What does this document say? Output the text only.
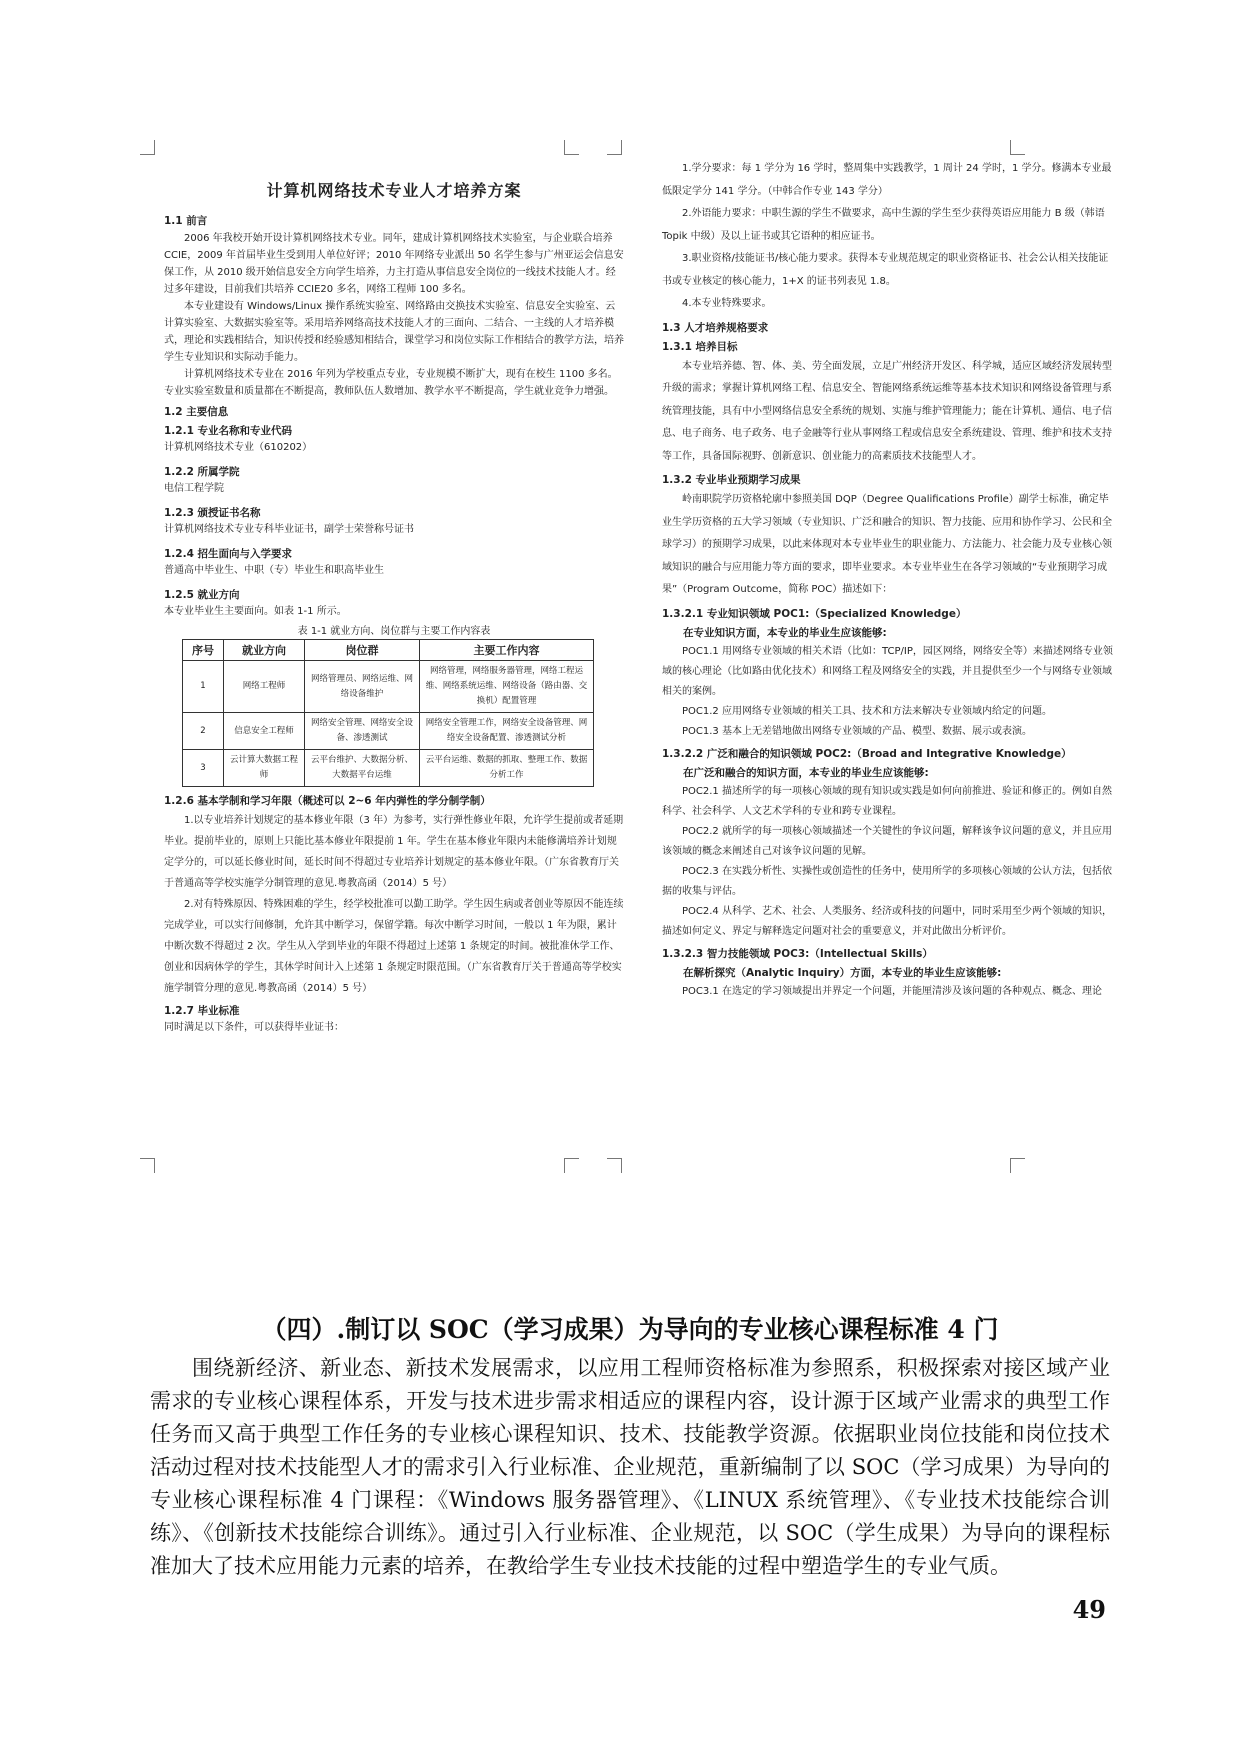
计算机网络技术专业人才培养方案
1.1 前言

2006 年我校开始开设计算机网络技术专业。同年，建成计算机网络技术实验室，与企业联合培养CCIE，2009 年首届毕业生受到用人单位好评；2010 年网络专业派出 50 名学生参与广州亚运会信息安保工作，从 2010 级开始信息安全方向学生培养，力主打造从事信息安全岗位的一线技术技能人才。经过多年建设，目前我们共培养 CCIE20 多名，网络工程师 100 多名。

本专业建设有 Windows/Linux 操作系统实验室、网络路由交换技术实验室、信息安全实验室、云计算实验室、大数据实验室等。采用培养网络高技术技能人才的三面向、二结合、一主线的人才培养模式，理论和实践相结合，知识传授和经验感知相结合，课堂学习和岗位实际工作相结合的教学方法，培养学生专业知识和实际动手能力。

计算机网络技术专业在 2016 年列为学校重点专业，专业规模不断扩大，现有在校生 1100 多名。专业实验室数量和质量都在不断提高，教师队伍人数增加、教学水平不断提高，学生就业竞争力增强。

1.2 主要信息
1.2.1 专业名称和专业代码

计算机网络技术专业（610202）

1.2.2 所属学院

电信工程学院

1.2.3 颁授证书名称

计算机网络技术专业专科毕业证书，副学士荣誉称号证书

1.2.4 招生面向与入学要求

普通高中毕业生、中职（专）毕业生和职高毕业生

1.2.5 就业方向

本专业毕业生主要面向。如表 1-1 所示。

表 1-1 就业方向、岗位群与主要工作内容表
序号	就业方向	岗位群	主要工作内容
1	网络工程师	网络管理员、网络运维、网络设备维护	网络管理，网络服务器管理，网络工程运维、网络系统运维、网络设备（路由器、交换机）配置管理
2	信息安全工程师	网络安全管理、网络安全设备、渗透测试	网络安全管理工作，网络安全设备管理、网络安全设备配置、渗透测试分析
3	云计算大数据工程师	云平台维护、大数据分析、大数据平台运维	云平台运维、数据的抓取、整理工作、数据分析工作
1.2.6 基本学制和学习年限（概述可以 2~6 年内弹性的学分制学制）

1.以专业培养计划规定的基本修业年限（3 年）为参考，实行弹性修业年限，允许学生提前或者延期毕业。提前毕业的，原则上只能比基本修业年限提前 1 年。学生在基本修业年限内未能修满培养计划规定学分的，可以延长修业时间，延长时间不得超过专业培养计划规定的基本修业年限。（广东省教育厅关于普通高等学校实施学分制管理的意见.粤教高函（2014）5 号）

2.对有特殊原因、特殊困难的学生，经学校批准可以勤工助学。学生因生病或者创业等原因不能连续完成学业，可以实行间修制，允许其中断学习，保留学籍。每次中断学习时间，一般以 1 年为限，累计中断次数不得超过 2 次。学生从入学到毕业的年限不得超过上述第 1 条规定的时间。被批准休学工作、创业和因病休学的学生，其休学时间计入上述第 1 条规定时限范围。（广东省教育厅关于普通高等学校实施学制管分理的意见.粤教高函（2014）5 号）

1.2.7 毕业标准

同时满足以下条件，可以获得毕业证书：

1.学分要求：每 1 学分为 16 学时，整周集中实践教学，1 周计 24 学时，1 学分。修满本专业最低限定学分 141 学分。（中韩合作专业 143 学分）

2.外语能力要求：中职生源的学生不做要求，高中生源的学生至少获得英语应用能力 B 级（韩语 Topik 中级）及以上证书或其它语种的相应证书。

3.职业资格/技能证书/核心能力要求。获得本专业规范规定的职业资格证书、社会公认相关技能证书或专业核定的核心能力，1+X 的证书列表见 1.8。

4.本专业特殊要求。

1.3 人才培养规格要求
1.3.1 培养目标

本专业培养德、智、体、美、劳全面发展，立足广州经济开发区、科学城，适应区域经济发展转型升级的需求；掌握计算机网络工程、信息安全、智能网络系统运维等基本技术知识和网络设备管理与系统管理技能，具有中小型网络信息安全系统的规划、实施与维护管理能力；能在计算机、通信、电子信息、电子商务、电子政务、电子金融等行业从事网络工程或信息安全系统建设、管理、维护和技术支持等工作，具备国际视野、创新意识、创业能力的高素质技术技能型人才。

1.3.2 专业毕业预期学习成果

岭南职院学历资格轮廓中参照美国 DQP（Degree Qualifications Profile）副学士标准，确定毕业生学历资格的五大学习领域（专业知识、广泛和融合的知识、智力技能、应用和协作学习、公民和全球学习）的预期学习成果，以此来体现对本专业毕业生的职业能力、方法能力、社会能力及专业核心领域知识的融合与应用能力等方面的要求，即毕业要求。本专业毕业生在各学习领域的“专业预期学习成果”（Program Outcome，简称 POC）描述如下：

1.3.2.1 专业知识领域 POC1:（Specialized Knowledge）
在专业知识方面，本专业的毕业生应该能够:

POC1.1 用网络专业领域的相关术语（比如：TCP/IP，园区网络，网络安全等）来描述网络专业领域的核心理论（比如路由优化技术）和网络工程及网络安全的实践，并且提供至少一个与网络专业领域相关的案例。

POC1.2 应用网络专业领域的相关工具、技术和方法来解决专业领域内给定的问题。

POC1.3 基本上无差错地做出网络专业领域的产品、模型、数据、展示或表演。

1.3.2.2 广泛和融合的知识领域 POC2:（Broad and Integrative Knowledge）
在广泛和融合的知识方面，本专业的毕业生应该能够:

POC2.1 描述所学的每一项核心领域的现有知识或实践是如何向前推进、验证和修正的。例如自然科学、社会科学、人文艺术学科的专业和跨专业课程。

POC2.2 就所学的每一项核心领域描述一个关键性的争议问题，解释该争议问题的意义，并且应用该领域的概念来阐述自己对该争议问题的见解。

POC2.3 在实践分析性、实操性或创造性的任务中，使用所学的多项核心领域的公认方法，包括依据的收集与评估。

POC2.4 从科学、艺术、社会、人类服务、经济或科技的问题中，同时采用至少两个领域的知识，描述如何定义、界定与解释选定问题对社会的重要意义，并对此做出分析评价。

1.3.2.3 智力技能领域 POC3:（Intellectual Skills）
在解析探究（Analytic Inquiry）方面，本专业的毕业生应该能够:

POC3.1 在选定的学习领域提出并界定一个问题，并能厘清涉及该问题的各种观点、概念、理论

（四）.制订以 SOC（学习成果）为导向的专业核心课程标准 4 门

围绕新经济、新业态、新技术发展需求，以应用工程师资格标准为参照系，积极探索对接区域产业需求的专业核心课程体系，开发与技术进步需求相适应的课程内容，设计源于区域产业需求的典型工作任务而又高于典型工作任务的专业核心课程知识、技术、技能教学资源。依据职业岗位技能和岗位技术活动过程对技术技能型人才的需求引入行业标准、企业规范，重新编制了以 SOC（学习成果）为导向的专业核心课程标准 4 门课程：《Windows 服务器管理》、《LINUX 系统管理》、《专业技术技能综合训练》、《创新技术技能综合训练》。通过引入行业标准、企业规范，以 SOC（学生成果）为导向的课程标准加大了技术应用能力元素的培养，在教给学生专业技术技能的过程中塑造学生的专业气质。

49
